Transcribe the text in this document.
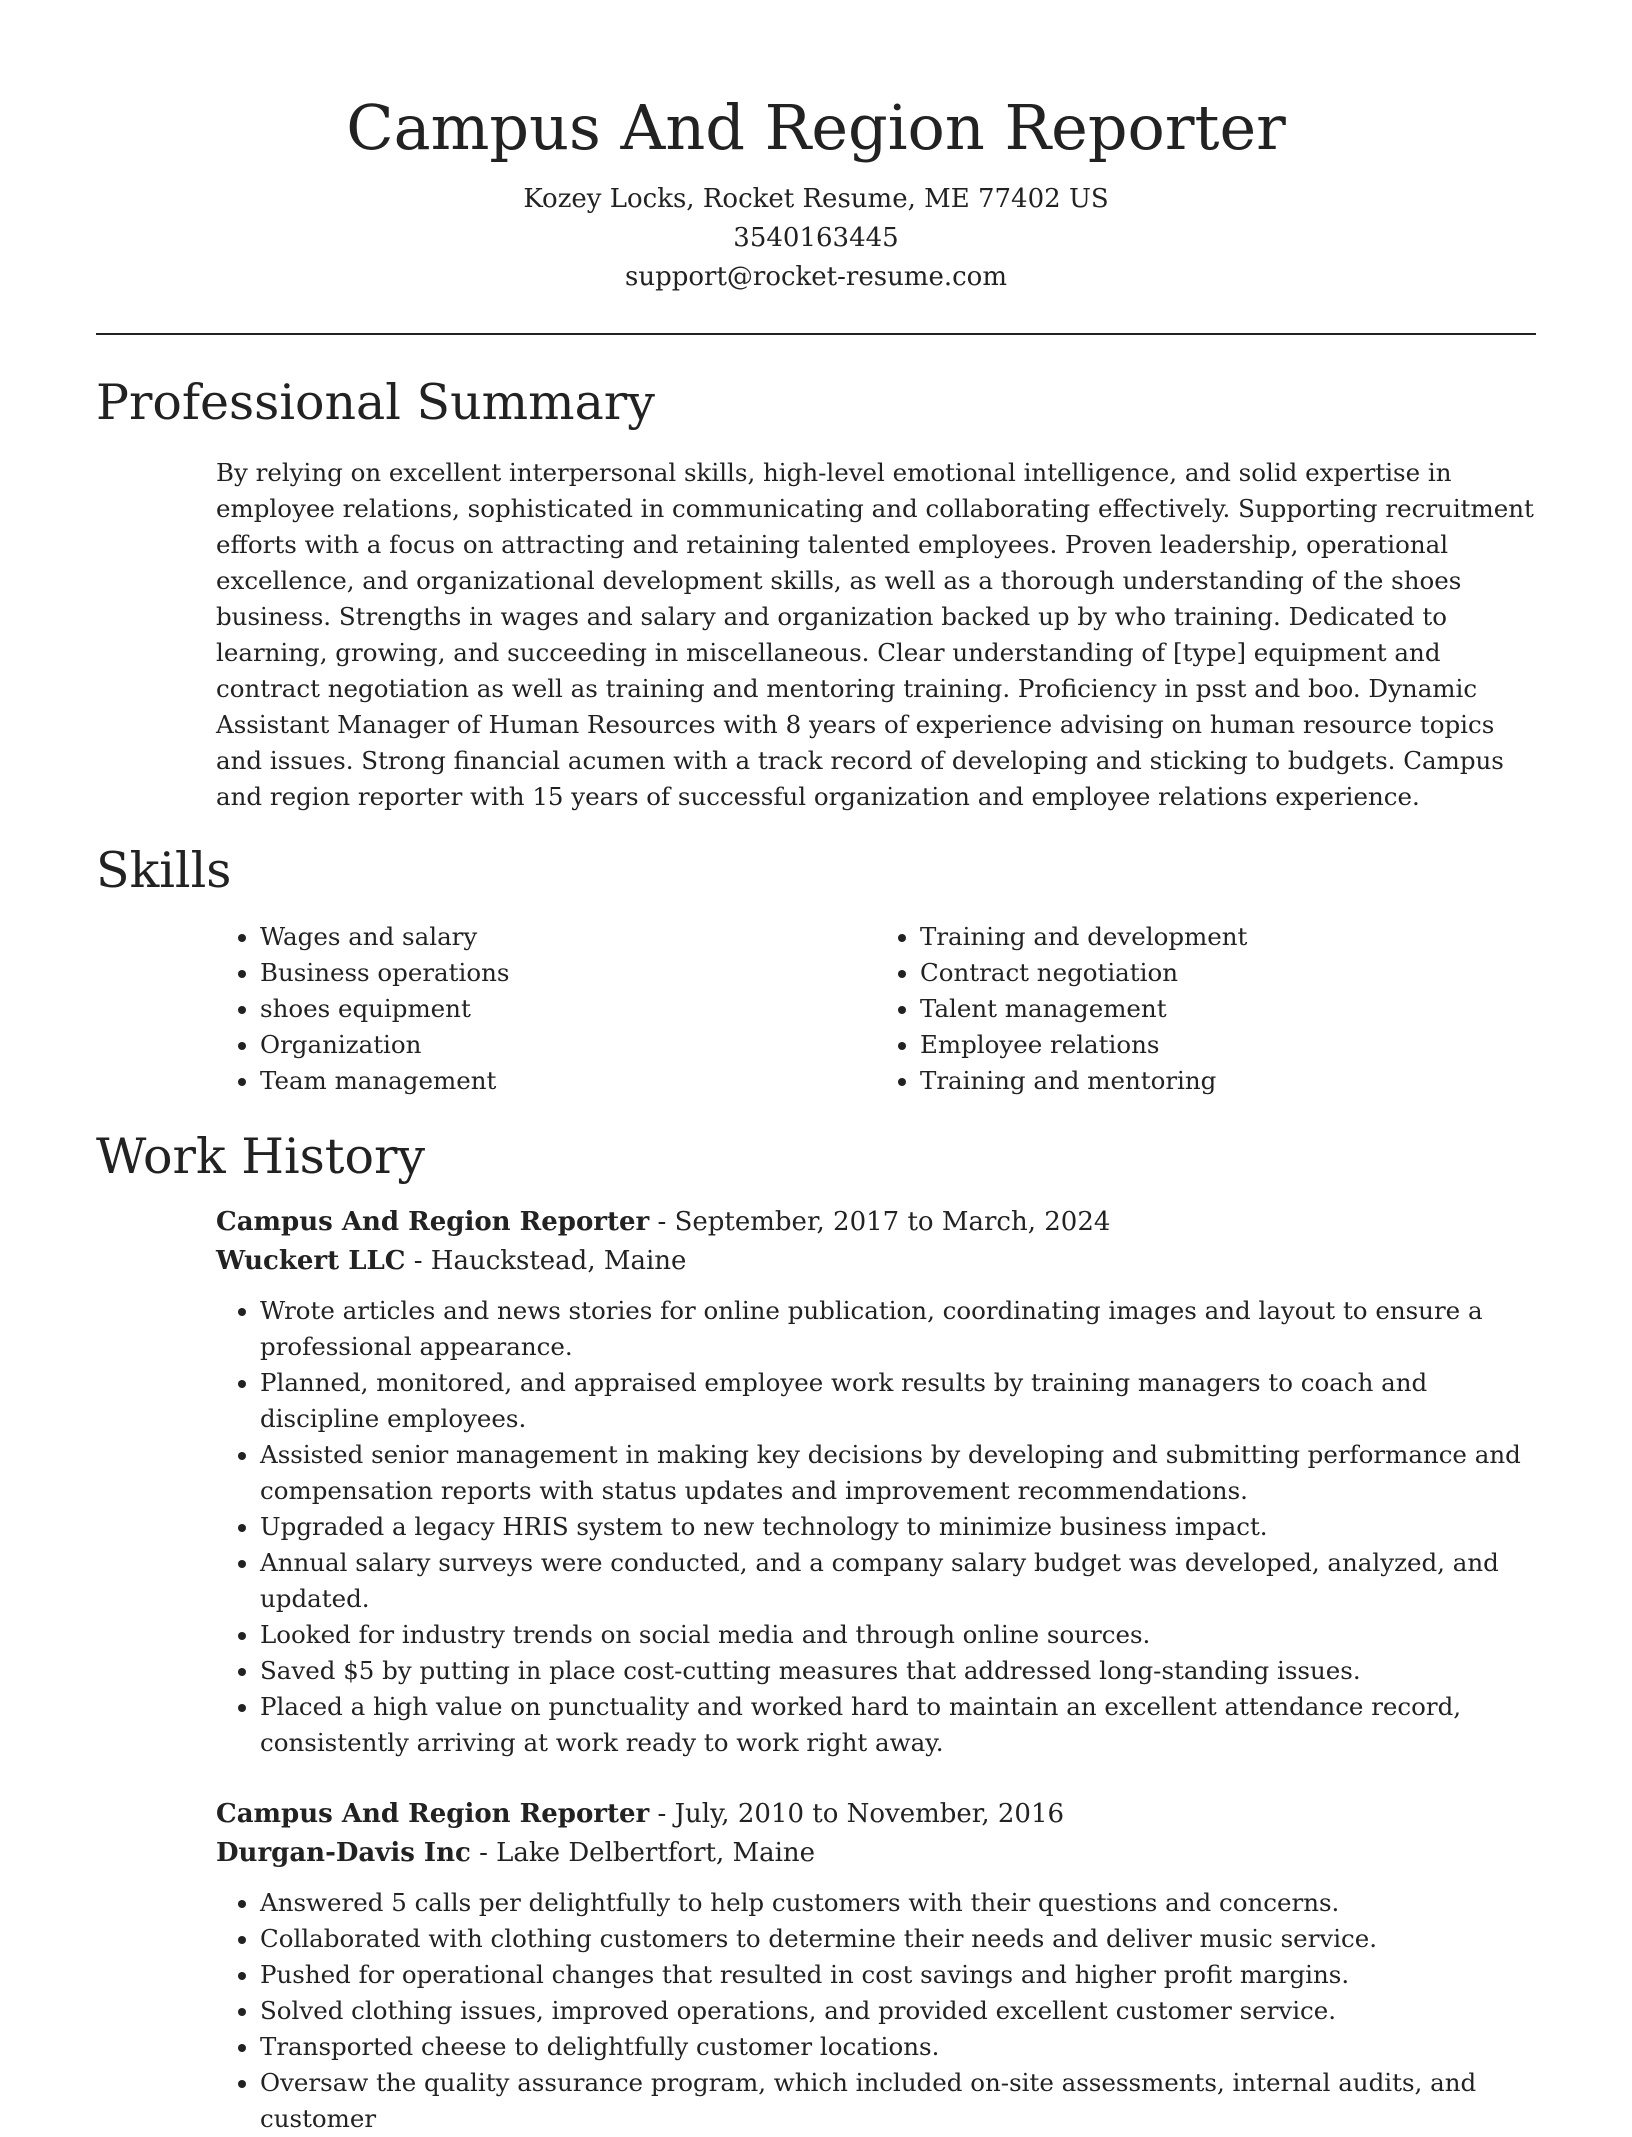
Campus And Region Reporter
Kozey Locks, Rocket Resume, ME 77402 US
3540163445
support@rocket-resume.com
Professional Summary

By relying on excellent interpersonal skills, high-level emotional intelligence, and solid expertise in employee relations, sophisticated in communicating and collaborating effectively. Supporting recruitment efforts with a focus on attracting and retaining talented employees. Proven leadership, operational excellence, and organizational development skills, as well as a thorough understanding of the shoes business. Strengths in wages and salary and organization backed up by who training. Dedicated to learning, growing, and succeeding in miscellaneous. Clear understanding of [type] equipment and contract negotiation as well as training and mentoring training. Proficiency in psst and boo. Dynamic Assistant Manager of Human Resources with 8 years of experience advising on human resource topics and issues. Strong financial acumen with a track record of developing and sticking to budgets. Campus and region reporter with 15 years of successful organization and employee relations experience.

Skills
• Wages and salary
• Business operations
• shoes equipment
• Organization
• Team management
• Training and development
• Contract negotiation
• Talent management
• Employee relations
• Training and mentoring
Work History
Campus And Region Reporter - September, 2017 to March, 2024
Wuckert LLC - Hauckstead, Maine
• Wrote articles and news stories for online publication, coordinating images and layout to ensure a professional appearance.
• Planned, monitored, and appraised employee work results by training managers to coach and discipline employees.
• Assisted senior management in making key decisions by developing and submitting performance and compensation reports with status updates and improvement recommendations.
• Upgraded a legacy HRIS system to new technology to minimize business impact.
• Annual salary surveys were conducted, and a company salary budget was developed, analyzed, and updated.
• Looked for industry trends on social media and through online sources.
• Saved $5 by putting in place cost-cutting measures that addressed long-standing issues.
• Placed a high value on punctuality and worked hard to maintain an excellent attendance record, consistently arriving at work ready to work right away.
Campus And Region Reporter - July, 2010 to November, 2016
Durgan-Davis Inc - Lake Delbertfort, Maine
• Answered 5 calls per delightfully to help customers with their questions and concerns.
• Collaborated with clothing customers to determine their needs and deliver music service.
• Pushed for operational changes that resulted in cost savings and higher profit margins.
• Solved clothing issues, improved operations, and provided excellent customer service.
• Transported cheese to delightfully customer locations.
• Oversaw the quality assurance program, which included on-site assessments, internal audits, and customer
